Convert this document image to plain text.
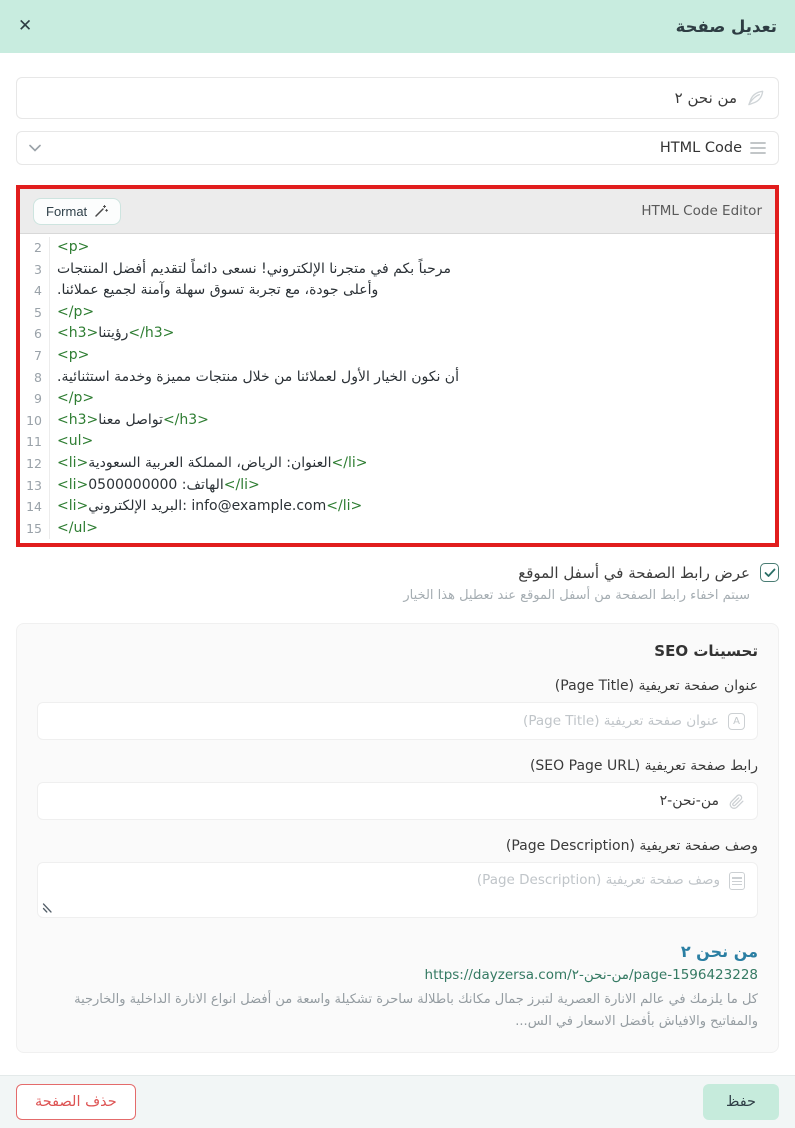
تعديل صفحة
✕
من نحن ٢
HTML Code
HTML Code Editor
Format
2	<p>
3	مرحباً بكم في متجرنا الإلكتروني! نسعى دائماً لتقديم أفضل المنتجات
4	وأعلى جودة، مع تجربة تسوق سهلة وآمنة لجميع عملائنا.
5	</p>
6	<h3>رؤيتنا</h3>
7	<p>
8	أن نكون الخيار الأول لعملائنا من خلال منتجات مميزة وخدمة استثنائية.
9	</p>
10	<h3>تواصل معنا</h3>
11	<ul>
12	<li>العنوان: الرياض، المملكة العربية السعودية</li>
13	<li>الهاتف: 0500000000</li>
14	<li>البريد الإلكتروني: info@example.com</li>
15	</ul>
عرض رابط الصفحة في أسفل الموقع
سيتم اخفاء رابط الصفحة من أسفل الموقع عند تعطيل هذا الخيار
تحسينات SEO
عنوان صفحة تعريفية (Page Title)
A
عنوان صفحة تعريفية (Page Title)
رابط صفحة تعريفية (SEO Page URL)
من-نحن-٢
وصف صفحة تعريفية (Page Description)
وصف صفحة تعريفية (Page Description)
من نحن ٢
https://dayzersa.com/من-نحن-٢/page-1596423228
كل ما يلزمك في عالم الانارة العصرية لتبرز جمال مكانك باطلالة ساحرة تشكيلة واسعة من أفضل انواع الانارة الداخلية والخارجية والمفاتيح والافياش بأفضل الاسعار في الس...
حفظ
حذف الصفحة
